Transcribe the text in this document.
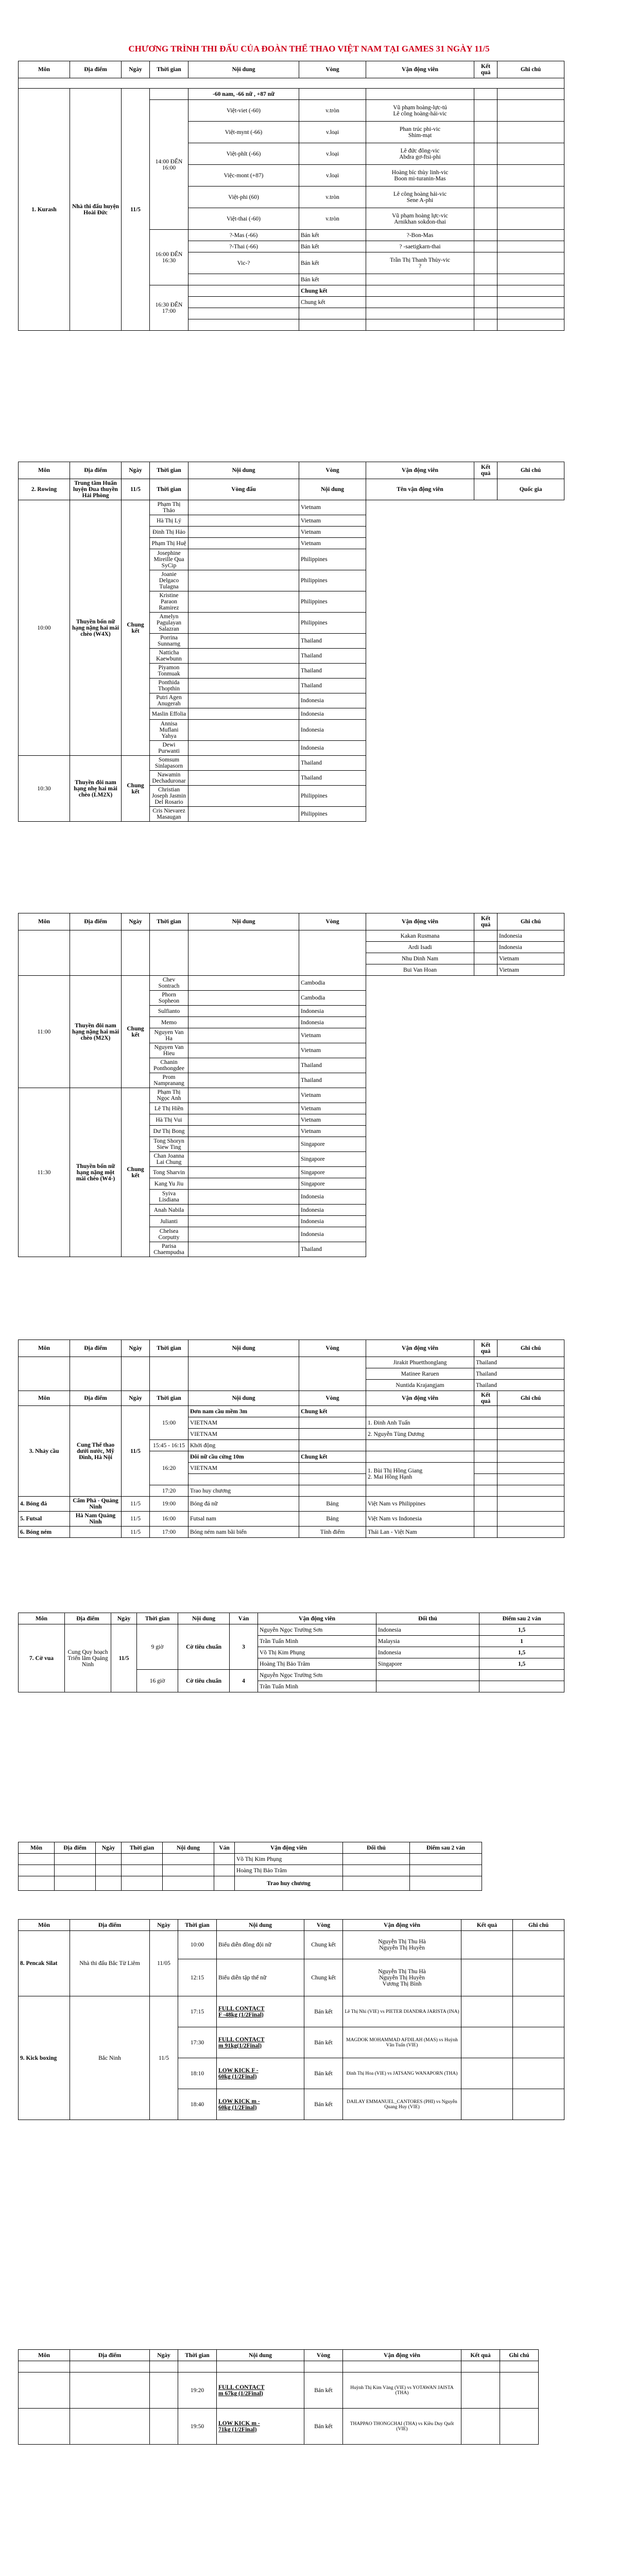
CHƯƠNG TRÌNH THI ĐẤU CỦA ĐOÀN THỂ THAO VIỆT NAM TẠI GAMES 31 NGÀY 11/5
Môn	Địa điểm	Ngày	Thời gian	Nội dung	Vòng	Vận động viên	Kết quả	Ghi chú

1. Kurash	Nhà thi đấu huyện Hoài Đức	11/5		-60 nam, -66 nữ , +87 nữ				
			14:00 ĐẾN 16:00	Việt-viet (-60)	v.tròn	Vũ phạm hoàng-lực-tú
Lê công hoàng-hải-vic		
				Việt-mynt (-66)	v.loại	Phan trúc phi-vic
Shim-mạt		
				Việt-phlt (-66)	v.loại	Lê đức đông-vic
Abdra gơ-ftsi-phi		
				Việc-mont (+87)	v.loại	Hoàng bíc thùy linh-vic
Boon mi-turanin-Mas		
				Việt-phi (60)	v.tròn	Lê công hoàng hải-vic
Sene A-phi		
				Việt-thai (-60)	v.tròn	Vũ phạm hoàng lực-vic
Arnikhan sokdon-thai		
			16:00 ĐẾN 16:30	?-Mas (-66)	Bán kết	?-Bon-Mas		
				?-Thai (-66)	Bán kết	? -saetigkarn-thai		
				Vic-?	Bán kết	Trần Thị Thanh Thủy-vic
?		
					Bán kết			
			16:30 ĐẾN 17:00		Chung kết			
					Chung kết			

Môn	Địa điểm	Ngày	Thời gian	Nội dung	Vòng	Vận động viên	Kết quả	Ghi chú
2. Rowing	Trung tâm Huấn luyện Đua thuyền Hải Phòng	11/5	Thời gian	Vòng đấu	Nội dung	Tên vận động viên		Quốc gia
10:00	Thuyền bốn nữ hạng nặng hai mái chèo (W4X)	Chung kết	Phạm Thị Thảo		Vietnam			
			Hà Thị Lý		Vietnam			
			Đinh Thị Hảo		Vietnam			
			Phạm Thị Huệ		Vietnam			
			Josephine Mireille Qua SyCip		Philippines			
			Joanie Delgaco Tulagna		Philippines			
			Kristine Paraon Ramirez		Philippines			
			Amelyn Pagulayan Salazran		Philippines			
			Porrina Sunnarng		Thailand			
			Natticha Kaewbunn		Thailand			
			Piyamon Tonmuak		Thailand			
			Ponthida Thopthin		Thailand			
			Putri Agen Anugerah		Indonesia			
			Maslin Effolia		Indonesia			
			Annisa Muflani Yahya		Indonesia			
			Dewi Purwanti		Indonesia			
10:30	Thuyền đôi nam hạng nhẹ hai mái chèo (LM2X)	Chung kết	Somsum Sinlapasorn		Thailand			
			Nawamin Dechaduronar		Thailand			
			Christian Joseph Jasmin Del Rosario		Philippines			
			Cris Nievarez Masaugan		Philippines			
Môn	Địa điểm	Ngày	Thời gian	Nội dung	Vòng	Vận động viên	Kết quả	Ghi chú
						Kakan Rusmana		Indonesia
						Ardi Isadi		Indonesia
						Nhu Dinh Nam		Vietnam
						Bui Van Hoan		Vietnam
11:00	Thuyền đôi nam hạng nặng hai mái chèo (M2X)	Chung kết	Chev Sontrach		Cambodia			
			Phorn Sopheon		Cambodia			
			Sulfianto		Indonesia			
			Memo		Indonesia			
			Nguyen Van Ha		Vietnam			
			Nguyen Van Hieu		Vietnam			
			Chanin Ponthongdee		Thailand			
			Prom Nampranang		Thailand			
11:30	Thuyền bốn nữ hạng nặng một mái chèo (W4-)	Chung kết	Phạm Thị Ngọc Anh		Vietnam			
			Lê Thị Hiền		Vietnam			
			Hà Thị Vui		Vietnam			
			Dư Thị Bong		Vietnam			
			Tong Shoryn Siew Ting		Singapore			
			Chan Joanna Lai Chung		Singapore			
			Tong Sharvin		Singapore			
			Kang Yu Jiu		Singapore			
			Syiva Lisdiana		Indonesia			
			Anah Nabila		Indonesia			
			Julianti		Indonesia			
			Chelsea Corputty		Indonesia			
			Parisa Chaempudsa		Thailand			
Môn	Địa điểm	Ngày	Thời gian	Nội dung	Vòng	Vận động viên	Kết quả	Ghi chú
						Jirakit Phuetthonglang	Thailand	
						Matinee Raruen	Thailand	
						Nuntida Krajangjam	Thailand	
Môn	Địa điểm	Ngày	Thời gian	Nội dung	Vòng	Vận động viên	Kết quả	Ghi chú
3. Nhảy cầu	Cung Thể thao dưới nước, Mỹ Đình, Hà Nội	11/5	15:00	Đơn nam cầu mềm 3m	Chung kết			
				VIETNAM		1. Đinh Anh Tuấn		
				VIETNAM		2. Nguyễn Tùng Dương		
			15:45 - 16:15	Khởi động				
			16:20	Đôi nữ cầu cứng 10m	Chung kết			
				VIETNAM		1. Bùi Thị Hồng Giang
2. Mai Hồng Hạnh		

			17:20	Trao huy chương				
4. Bóng đá	Cẩm Phả - Quảng Ninh	11/5	19:00	Bóng đá nữ	Bảng	Việt Nam vs Philippines		
5. Futsal	Hà Nam Quảng Ninh	11/5	16:00	Futsal nam	Bảng	Việt Nam vs Indonesia		
6. Bóng ném		11/5	17:00	Bóng ném nam bãi biển	Tính điểm	Thái Lan - Việt Nam		
Môn	Địa điểm	Ngày	Thời gian	Nội dung	Ván	Vận động viên	Đối thủ	Điểm sau 2 ván
7. Cờ vua	Cung Quy hoạch Triển lãm Quảng Ninh	11/5	9 giờ	Cờ tiêu chuẩn	3	Nguyễn Ngọc Trường Sơn	Indonesia	1,5
						Trần Tuấn Minh	Malaysia	1
						Võ Thị Kim Phụng	Indonesia	1,5
						Hoàng Thị Bảo Trâm	Singapore	1,5
			16 giờ	Cờ tiêu chuẩn	4	Nguyễn Ngọc Trường Sơn		
						Trần Tuấn Minh		
Môn	Địa điểm	Ngày	Thời gian	Nội dung	Ván	Vận động viên	Đối thủ	Điểm sau 2 ván
						Võ Thị Kim Phụng		
						Hoàng Thị Bảo Trâm		
						Trao huy chương		
Môn	Địa điểm	Ngày	Thời gian	Nội dung	Vòng	Vận động viên	Kết quả	Ghi chú
8. Pencak Silat	Nhà thi đấu Bắc Từ Liêm	11/05	10:00	Biểu diễn đồng đội nữ	Chung kết	Nguyễn Thị Thu Hà
Nguyễn Thị Huyền		
			12:15	Biểu diễn tập thể nữ	Chung kết	Nguyễn Thị Thu Hà
Nguyễn Thị Huyền
Vương Thị Bình		
9. Kick boxing	Bắc Ninh	11/5	17:15	FULL CONTACT
F -48kg (1/2Final)	Bán kết	Lê Thị Nhi (VIE) vs PIETER DIANDRA JARISTA (INA)		
			17:30	FULL CONTACT
m 91kg(1/2Final)	Bán kết	MAGDOK MOHAMMAD AFDILAH (MAS) vs Huỳnh Văn Tuấn (VIE)		
			18:10	LOW KICK F -
60kg (1/2Final)	Bán kết	Đinh Thị Hoa (VIE) vs JATSANG WANAPORN (THA)		
			18:40	LOW KICK m -
60kg (1/2Final)	Bán kết	DAILAY EMMANUEL_CANTORES (PHI) vs Nguyễn Quang Huy (VIE)		
Môn	Địa điểm	Ngày	Thời gian	Nội dung	Vòng	Vận động viên	Kết quả	Ghi chú

			19:20	FULL CONTACT
m 67kg (1/2Final)	Bán kết	Huỳnh Thị Kim Vàng (VIE) vs YOTAWAN JAISTA (THA)		
			19:50	LOW KICK m -
71kg (1/2Final)	Bán kết	THAPPAO THONGCHAI (THA) vs Kiều Duy Quốt (VIE)		
